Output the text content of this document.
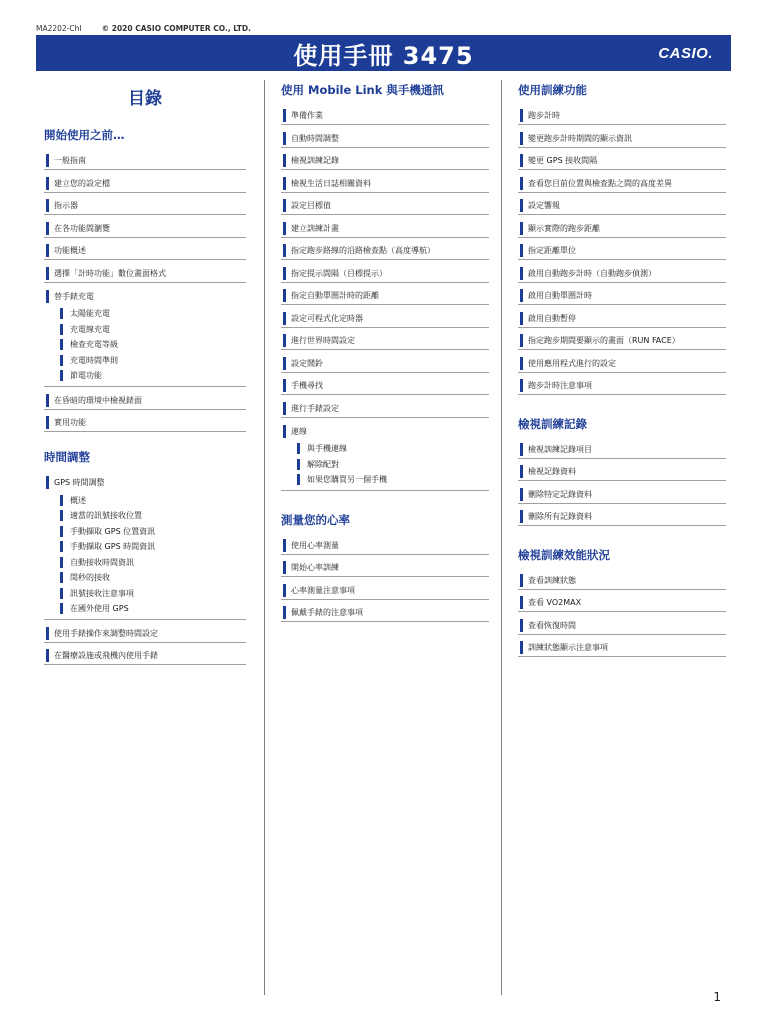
MA2202-ChI	© 2020 CASIO COMPUTER CO., LTD.
使用手冊 3475	CASIO.
目錄
開始使用之前…
一般指南
建立您的設定檔
指示器
在各功能間瀏覽
功能概述
選擇「計時功能」數位畫面格式
替手錶充電
太陽能充電
充電線充電
檢查充電等級
充電時間準則
節電功能
在昏暗的環境中檢視錶面
實用功能
時間調整
GPS 時間調整
概述
適當的訊號接收位置
手動擷取 GPS 位置資訊
手動擷取 GPS 時間資訊
自動接收時間資訊
閏秒的接收
訊號接收注意事項
在國外使用 GPS
使用手錶操作來調整時間設定
在醫療設施或飛機內使用手錶
使用 Mobile Link 與手機通訊
準備作業
自動時間調整
檢視訓練記錄
檢視生活日誌相關資料
設定目標值
建立訓練計畫
指定跑步路線的沿路檢查點（高度導航）
指定提示間隔（目標提示）
指定自動單圈計時的距離
設定可程式化定時器
進行世界時間設定
設定鬧鈴
手機尋找
進行手錶設定
連線
與手機連線
解除配對
如果您購買另一個手機
測量您的心率
使用心率測量
開始心率訓練
心率測量注意事項
佩戴手錶的注意事項
使用訓練功能
跑步計時
變更跑步計時期間的顯示資訊
變更 GPS 接收間隔
查看您目前位置與檢查點之間的高度差異
設定響報
顯示實際的跑步距離
指定距離單位
啟用自動跑步計時（自動跑步偵測）
啟用自動單圈計時
啟用自動暫停
指定跑步期間要顯示的畫面（RUN FACE）
使用應用程式進行的設定
跑步計時注意事項
檢視訓練記錄
檢視訓練記錄項目
檢視記錄資料
刪除特定記錄資料
刪除所有記錄資料
檢視訓練效能狀況
查看訓練狀態
查看 VO2MAX
查看恢復時間
訓練狀態顯示注意事項
1
